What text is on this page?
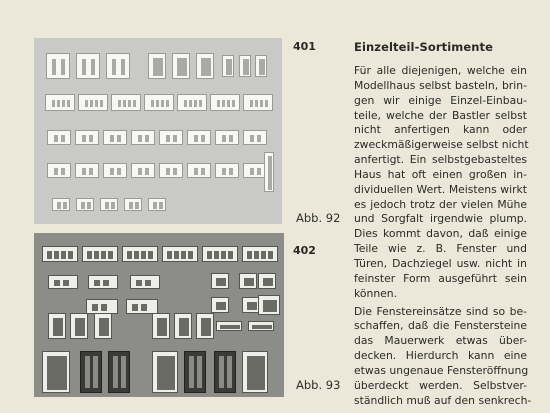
401
Abb. 92
402
Abb. 93
Einzelteil-Sortimente
Für alle diejenigen, welche ein
Modellhaus selbst basteln, brin-
gen wir einige Einzel-Einbau-
teile, welche der Bastler selbst
nicht anfertigen kann oder
zweckmäßigerweise selbst nicht
anfertigt. Ein selbstgebasteltes
Haus hat oft einen großen in-
dividuellen Wert. Meistens wirkt
es jedoch trotz der vielen Mühe
und Sorgfalt irgendwie plump.
Dies kommt davon, daß einige
Teile wie z. B. Fenster und
Türen, Dachziegel usw. nicht in
feinster Form ausgeführt sein
können.
Die Fenstereinsätze sind so be-
schaffen, daß die Fenstersteine
das Mauerwerk etwas über-
decken. Hierdurch kann eine
etwas ungenaue Fensteröffnung
überdeckt werden. Selbstver-
ständlich muß auf den senkrech-
